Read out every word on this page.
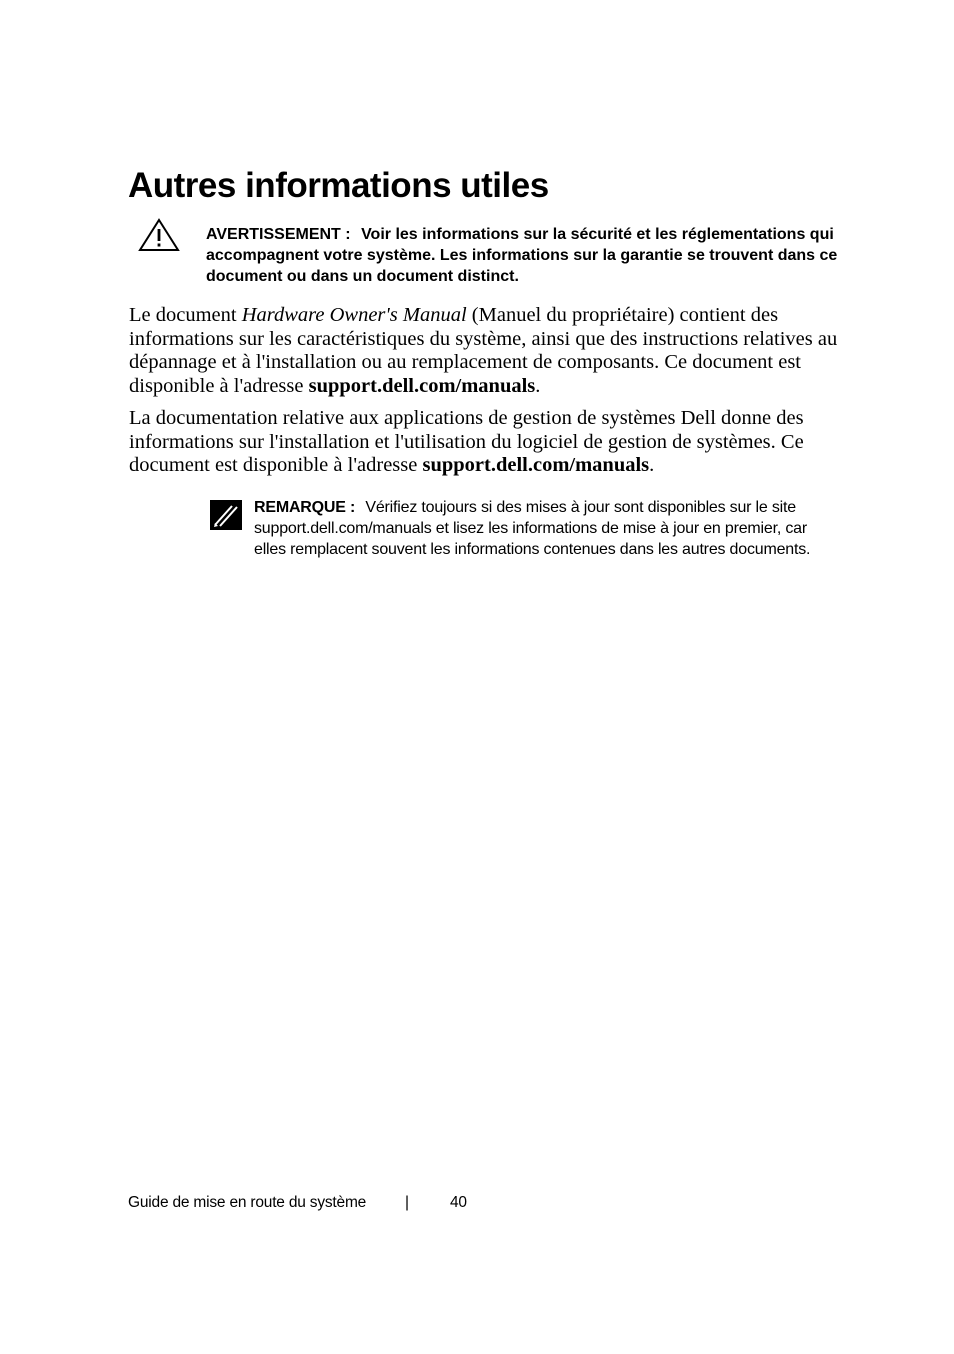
Autres informations utiles
AVERTISSEMENT : Voir les informations sur la sécurité et les réglementations qui accompagnent votre système. Les informations sur la garantie se trouvent dans ce document ou dans un document distinct.

Le document Hardware Owner's Manual (Manuel du propriétaire) contient des informations sur les caractéristiques du système, ainsi que des instructions relatives au dépannage et à l'installation ou au remplacement de composants. Ce document est disponible à l'adresse support.dell.com/manuals.

La documentation relative aux applications de gestion de systèmes Dell donne des informations sur l'installation et l'utilisation du logiciel de gestion de systèmes. Ce document est disponible à l'adresse support.dell.com/manuals.

REMARQUE : Vérifiez toujours si des mises à jour sont disponibles sur le site support.dell.com/manuals et lisez les informations de mise à jour en premier, car elles remplacent souvent les informations contenues dans les autres documents.
Guide de mise en route du système	|	40
